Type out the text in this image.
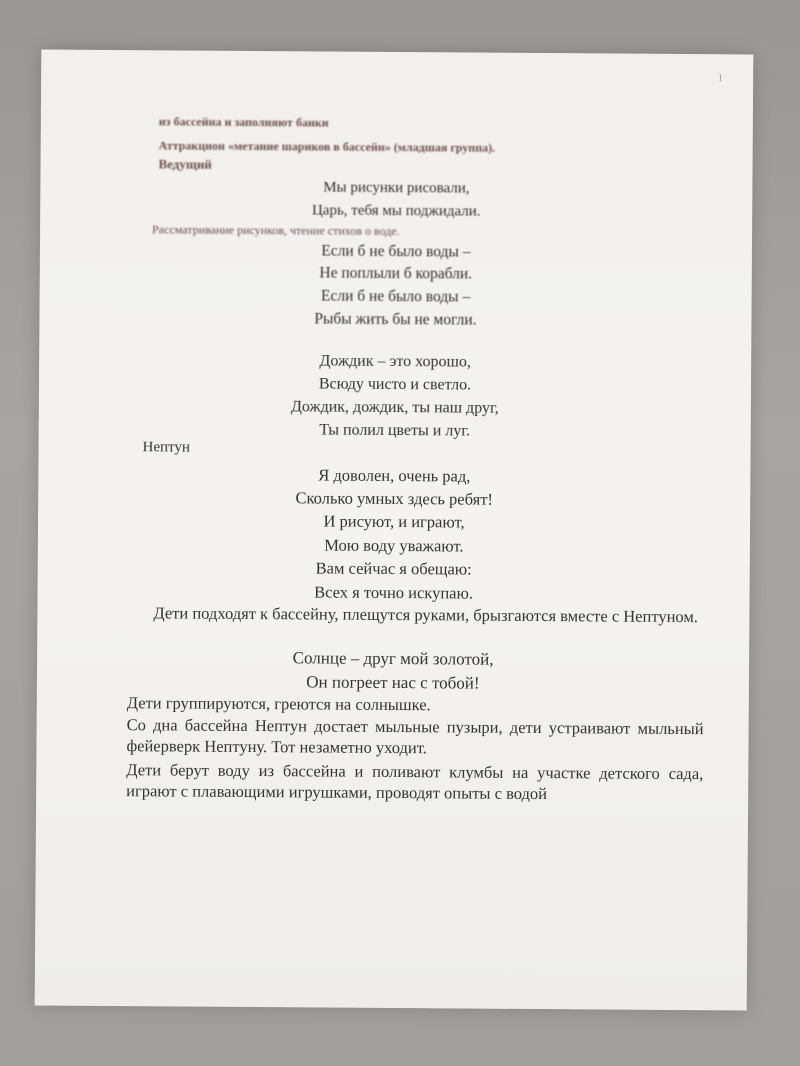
1
из бассейна и заполняют банки
Аттракцион «метание шариков в бассейн» (младшая группа).
Ведущий
Мы рисунки рисовали,
Царь, тебя мы поджидали.
Рассматривание рисунков, чтение стихов о воде.
Если б не было воды –
Не поплыли б корабли.
Если б не было воды –
Рыбы жить бы не могли.
Дождик – это хорошо,
Всюду чисто и светло.
Дождик, дождик, ты наш друг,
Ты полил цветы и луг.
Нептун
Я доволен, очень рад,
Сколько умных здесь ребят!
И рисуют, и играют,
Мою воду уважают.
Вам сейчас я обещаю:
Всех я точно искупаю.
Дети подходят к бассейну, плещутся руками, брызгаются вместе с Нептуном.
Солнце – друг мой золотой,
Он погреет нас с тобой!
Дети группируются, греются на солнышке.
Со дна бассейна Нептун достает мыльные пузыри, дети устраивают мыльный фейерверк Нептуну. Тот незаметно уходит.
Дети берут воду из бассейна и поливают клумбы на участке детского сада, играют с плавающими игрушками, проводят опыты с водой
